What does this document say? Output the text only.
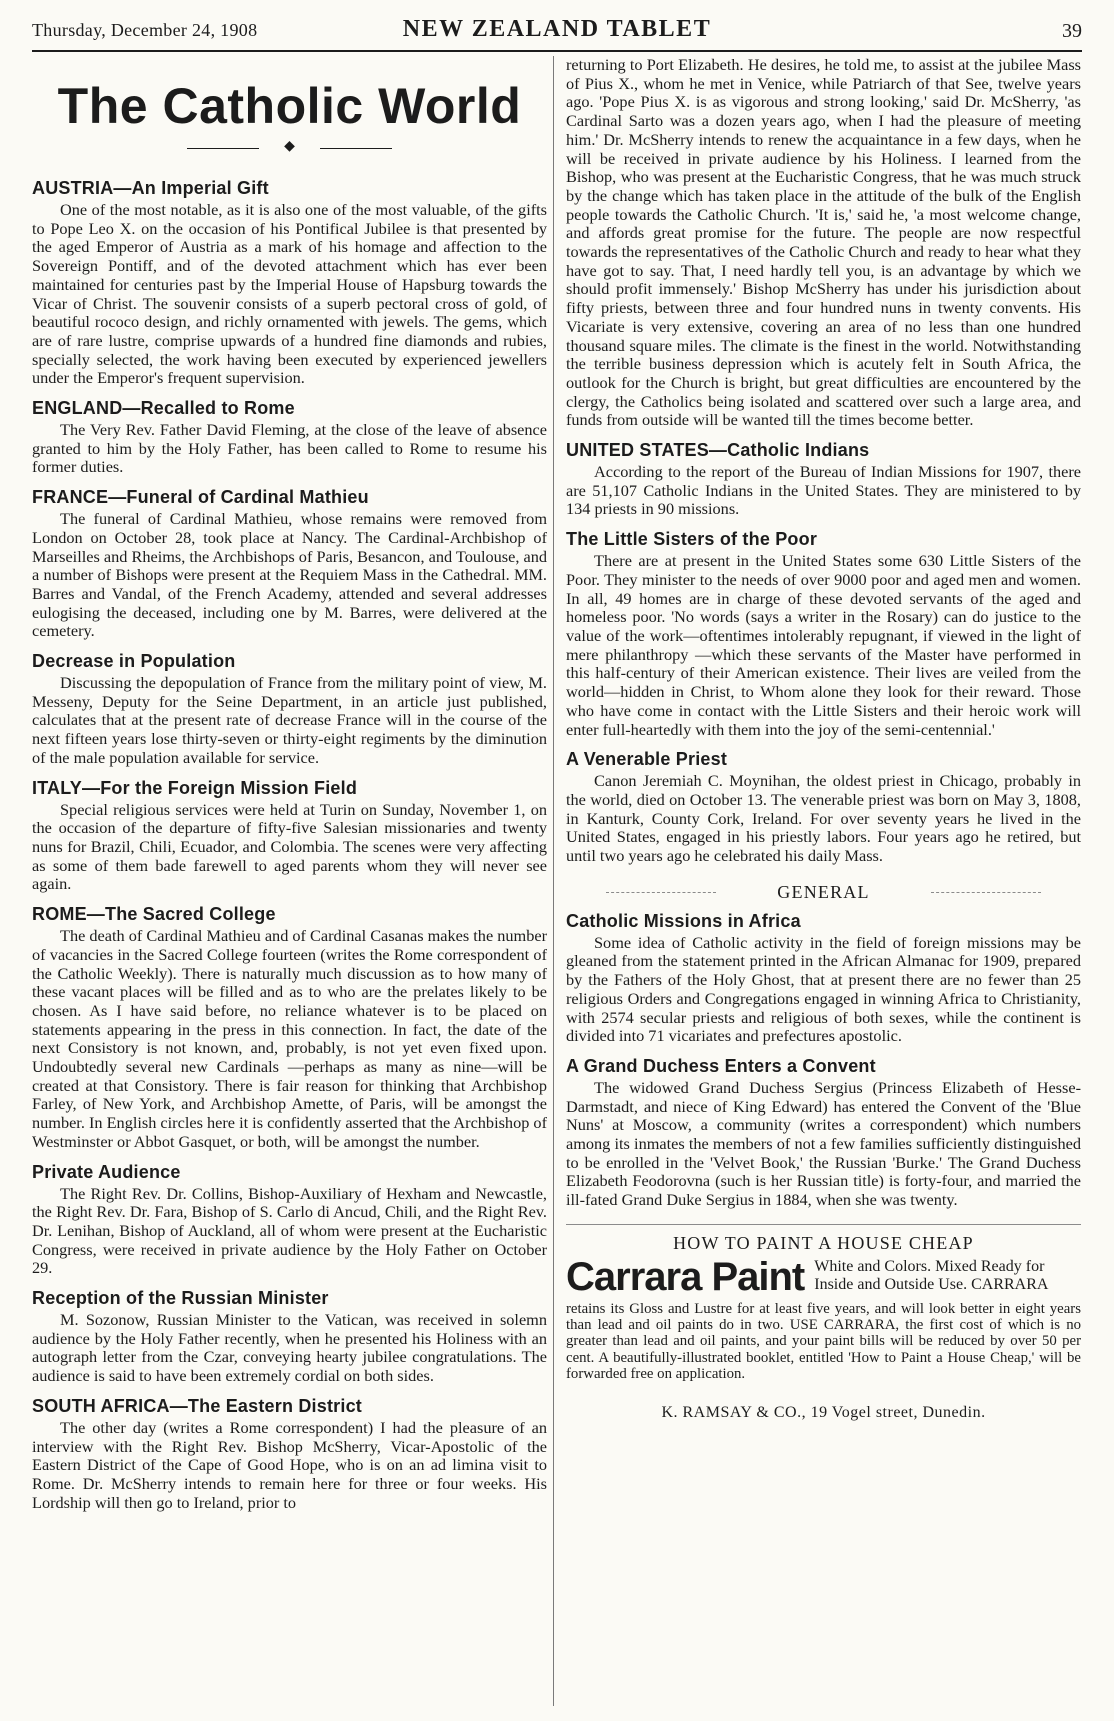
Thursday, December 24, 1908	NEW ZEALAND TABLET	39
The Catholic World
◆
AUSTRIA—An Imperial Gift

One of the most notable, as it is also one of the most valuable, of the gifts to Pope Leo X. on the occasion of his Pontifical Jubilee is that presented by the aged Emperor of Austria as a mark of his homage and affection to the Sovereign Pontiff, and of the devoted attachment which has ever been maintained for centuries past by the Imperial House of Hapsburg towards the Vicar of Christ. The souvenir consists of a superb pectoral cross of gold, of beautiful rococo design, and richly ornamented with jewels. The gems, which are of rare lustre, comprise upwards of a hundred fine diamonds and rubies, specially selected, the work having been executed by experienced jewellers under the Emperor's frequent supervision.

ENGLAND—Recalled to Rome

The Very Rev. Father David Fleming, at the close of the leave of absence granted to him by the Holy Father, has been called to Rome to resume his former duties.

FRANCE—Funeral of Cardinal Mathieu

The funeral of Cardinal Mathieu, whose remains were removed from London on October 28, took place at Nancy. The Cardinal-Archbishop of Marseilles and Rheims, the Archbishops of Paris, Besancon, and Toulouse, and a number of Bishops were present at the Requiem Mass in the Cathedral. MM. Barres and Vandal, of the French Academy, attended and several addresses eulogising the deceased, including one by M. Barres, were delivered at the cemetery.

Decrease in Population

Discussing the depopulation of France from the military point of view, M. Messeny, Deputy for the Seine Department, in an article just published, calculates that at the present rate of decrease France will in the course of the next fifteen years lose thirty-seven or thirty-eight regiments by the diminution of the male population available for service.

ITALY—For the Foreign Mission Field

Special religious services were held at Turin on Sunday, November 1, on the occasion of the departure of fifty-five Salesian missionaries and twenty nuns for Brazil, Chili, Ecuador, and Colombia. The scenes were very affecting as some of them bade farewell to aged parents whom they will never see again.

ROME—The Sacred College

The death of Cardinal Mathieu and of Cardinal Casanas makes the number of vacancies in the Sacred College fourteen (writes the Rome correspondent of the Catholic Weekly). There is naturally much discussion as to how many of these vacant places will be filled and as to who are the prelates likely to be chosen. As I have said before, no reliance whatever is to be placed on statements appearing in the press in this connection. In fact, the date of the next Consistory is not known, and, probably, is not yet even fixed upon. Undoubtedly several new Cardinals —perhaps as many as nine—will be created at that Consistory. There is fair reason for thinking that Archbishop Farley, of New York, and Archbishop Amette, of Paris, will be amongst the number. In English circles here it is confidently asserted that the Archbishop of Westminster or Abbot Gasquet, or both, will be amongst the number.

Private Audience

The Right Rev. Dr. Collins, Bishop-Auxiliary of Hexham and Newcastle, the Right Rev. Dr. Fara, Bishop of S. Carlo di Ancud, Chili, and the Right Rev. Dr. Lenihan, Bishop of Auckland, all of whom were present at the Eucharistic Congress, were received in private audience by the Holy Father on October 29.

Reception of the Russian Minister

M. Sozonow, Russian Minister to the Vatican, was received in solemn audience by the Holy Father recently, when he presented his Holiness with an autograph letter from the Czar, conveying hearty jubilee congratulations. The audience is said to have been extremely cordial on both sides.

SOUTH AFRICA—The Eastern District

The other day (writes a Rome correspondent) I had the pleasure of an interview with the Right Rev. Bishop McSherry, Vicar-Apostolic of the Eastern District of the Cape of Good Hope, who is on an ad limina visit to Rome. Dr. McSherry intends to remain here for three or four weeks. His Lordship will then go to Ireland, prior to

returning to Port Elizabeth. He desires, he told me, to assist at the jubilee Mass of Pius X., whom he met in Venice, while Patriarch of that See, twelve years ago. 'Pope Pius X. is as vigorous and strong looking,' said Dr. McSherry, 'as Cardinal Sarto was a dozen years ago, when I had the pleasure of meeting him.' Dr. McSherry intends to renew the acquaintance in a few days, when he will be received in private audience by his Holiness. I learned from the Bishop, who was present at the Eucharistic Congress, that he was much struck by the change which has taken place in the attitude of the bulk of the English people towards the Catholic Church. 'It is,' said he, 'a most welcome change, and affords great promise for the future. The people are now respectful towards the representatives of the Catholic Church and ready to hear what they have got to say. That, I need hardly tell you, is an advantage by which we should profit immensely.' Bishop McSherry has under his jurisdiction about fifty priests, between three and four hundred nuns in twenty convents. His Vicariate is very extensive, covering an area of no less than one hundred thousand square miles. The climate is the finest in the world. Notwithstanding the terrible business depression which is acutely felt in South Africa, the outlook for the Church is bright, but great difficulties are encountered by the clergy, the Catholics being isolated and scattered over such a large area, and funds from outside will be wanted till the times become better.

UNITED STATES—Catholic Indians

According to the report of the Bureau of Indian Missions for 1907, there are 51,107 Catholic Indians in the United States. They are ministered to by 134 priests in 90 missions.

The Little Sisters of the Poor

There are at present in the United States some 630 Little Sisters of the Poor. They minister to the needs of over 9000 poor and aged men and women. In all, 49 homes are in charge of these devoted servants of the aged and homeless poor. 'No words (says a writer in the Rosary) can do justice to the value of the work—oftentimes intolerably repugnant, if viewed in the light of mere philanthropy —which these servants of the Master have performed in this half-century of their American existence. Their lives are veiled from the world—hidden in Christ, to Whom alone they look for their reward. Those who have come in contact with the Little Sisters and their heroic work will enter full-heartedly with them into the joy of the semi-centennial.'

A Venerable Priest

Canon Jeremiah C. Moynihan, the oldest priest in Chicago, probably in the world, died on October 13. The venerable priest was born on May 3, 1808, in Kanturk, County Cork, Ireland. For over seventy years he lived in the United States, engaged in his priestly labors. Four years ago he retired, but until two years ago he celebrated his daily Mass.

GENERAL
Catholic Missions in Africa

Some idea of Catholic activity in the field of foreign missions may be gleaned from the statement printed in the African Almanac for 1909, prepared by the Fathers of the Holy Ghost, that at present there are no fewer than 25 religious Orders and Congregations engaged in winning Africa to Christianity, with 2574 secular priests and religious of both sexes, while the continent is divided into 71 vicariates and prefectures apostolic.

A Grand Duchess Enters a Convent

The widowed Grand Duchess Sergius (Princess Elizabeth of Hesse-Darmstadt, and niece of King Edward) has entered the Convent of the 'Blue Nuns' at Moscow, a community (writes a correspondent) which numbers among its inmates the members of not a few families sufficiently distinguished to be enrolled in the 'Velvet Book,' the Russian 'Burke.' The Grand Duchess Elizabeth Feodorovna (such is her Russian title) is forty-four, and married the ill-fated Grand Duke Sergius in 1884, when she was twenty.

HOW TO PAINT A HOUSE CHEAP
Carrara Paint White and Colors. Mixed Ready for Inside and Outside Use. CARRARA
retains its Gloss and Lustre for at least five years, and will look better in eight years than lead and oil paints do in two. USE CARRARA, the first cost of which is no greater than lead and oil paints, and your paint bills will be reduced by over 50 per cent. A beautifully-illustrated booklet, entitled 'How to Paint a House Cheap,' will be forwarded free on application.
K. RAMSAY & CO., 19 Vogel street, Dunedin.
